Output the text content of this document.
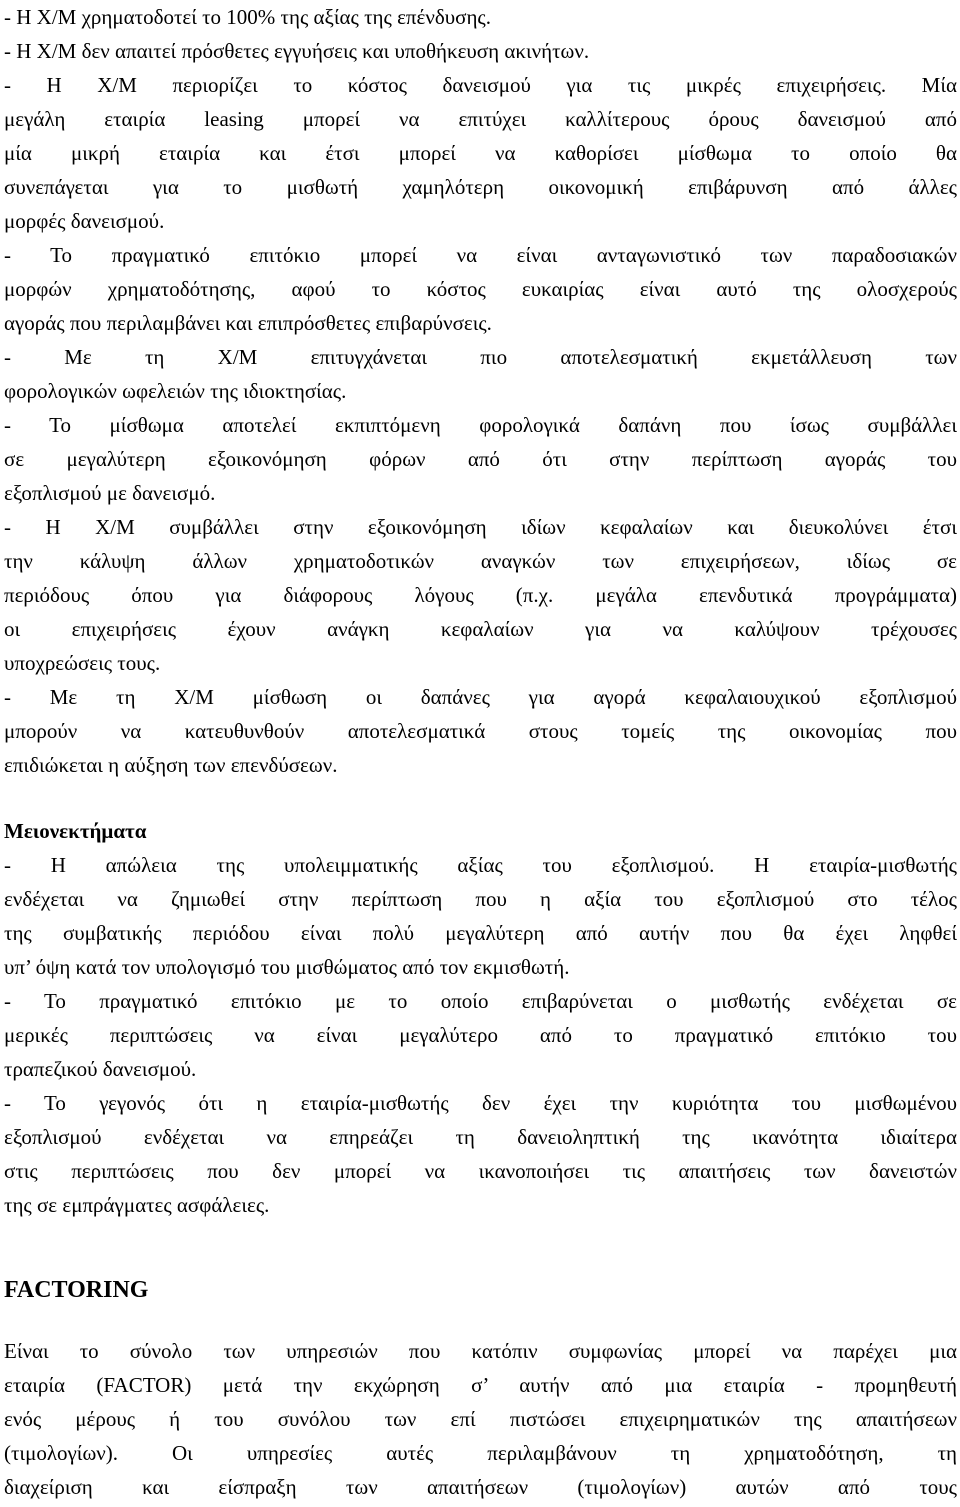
- Η Χ/Μ χρηματοδοτεί το 100% της αξίας της επένδυσης.
- Η Χ/Μ δεν απαιτεί πρόσθετες εγγυήσεις και υποθήκευση ακινήτων.
- Η Χ/Μ περιορίζει το κόστος δανεισμού για τις μικρές επιχειρήσεις. Μία
μεγάλη εταιρία leasing μπορεί να επιτύχει καλλίτερους όρους δανεισμού από
μία μικρή εταιρία και έτσι μπορεί να καθορίσει μίσθωμα το οποίο θα
συνεπάγεται για το μισθωτή χαμηλότερη οικονομική επιβάρυνση από άλλες
μορφές δανεισμού.
- Το πραγματικό επιτόκιο μπορεί να είναι ανταγωνιστικό των παραδοσιακών
μορφών χρηματοδότησης, αφού το κόστος ευκαιρίας είναι αυτό της ολοσχερούς
αγοράς που περιλαμβάνει και επιπρόσθετες επιβαρύνσεις.
- Με τη Χ/Μ επιτυγχάνεται πιο αποτελεσματική εκμετάλλευση των
φορολογικών ωφελειών της ιδιοκτησίας.
- Το μίσθωμα αποτελεί εκπιπτόμενη φορολογικά δαπάνη που ίσως συμβάλλει
σε μεγαλύτερη εξοικονόμηση φόρων από ότι στην περίπτωση αγοράς του
εξοπλισμού με δανεισμό.
- Η Χ/Μ συμβάλλει στην εξοικονόμηση ιδίων κεφαλαίων και διευκολύνει έτσι
την κάλυψη άλλων χρηματοδοτικών αναγκών των επιχειρήσεων, ιδίως σε
περιόδους όπου για διάφορους λόγους (π.χ. μεγάλα επενδυτικά προγράμματα)
οι επιχειρήσεις έχουν ανάγκη κεφαλαίων για να καλύψουν τρέχουσες
υποχρεώσεις τους.
- Με τη Χ/Μ μίσθωση οι δαπάνες για αγορά κεφαλαιουχικού εξοπλισμού
μπορούν να κατευθυνθούν αποτελεσματικά στους τομείς της οικονομίας που
επιδιώκεται η αύξηση των επενδύσεων.
Μειονεκτήματα
- Η απώλεια της υπολειμματικής αξίας του εξοπλισμού. Η εταιρία-μισθωτής
ενδέχεται να ζημιωθεί στην περίπτωση που η αξία του εξοπλισμού στο τέλος
της συμβατικής περιόδου είναι πολύ μεγαλύτερη από αυτήν που θα έχει ληφθεί
υπ’ όψη κατά τον υπολογισμό του μισθώματος από τον εκμισθωτή.
- Το πραγματικό επιτόκιο με το οποίο επιβαρύνεται ο μισθωτής ενδέχεται σε
μερικές περιπτώσεις να είναι μεγαλύτερο από το πραγματικό επιτόκιο του
τραπεζικού δανεισμού.
- Το γεγονός ότι η εταιρία-μισθωτής δεν έχει την κυριότητα του μισθωμένου
εξοπλισμού ενδέχεται να επηρεάζει τη δανειοληπτική της ικανότητα ιδιαίτερα
στις περιπτώσεις που δεν μπορεί να ικανοποιήσει τις απαιτήσεις των δανειστών
της σε εμπράγματες ασφάλειες.
FACTORING
Είναι το σύνολο των υπηρεσιών που κατόπιν συμφωνίας μπορεί να παρέχει μια
εταιρία (FACTOR) μετά την εκχώρηση σ’ αυτήν από μια εταιρία - προμηθευτή
ενός μέρους ή του συνόλου των επί πιστώσει επιχειρηματικών της απαιτήσεων
(τιμολογίων). Οι υπηρεσίες αυτές περιλαμβάνουν τη χρηματοδότηση, τη
διαχείριση και είσπραξη των απαιτήσεων (τιμολογίων) αυτών από τους
